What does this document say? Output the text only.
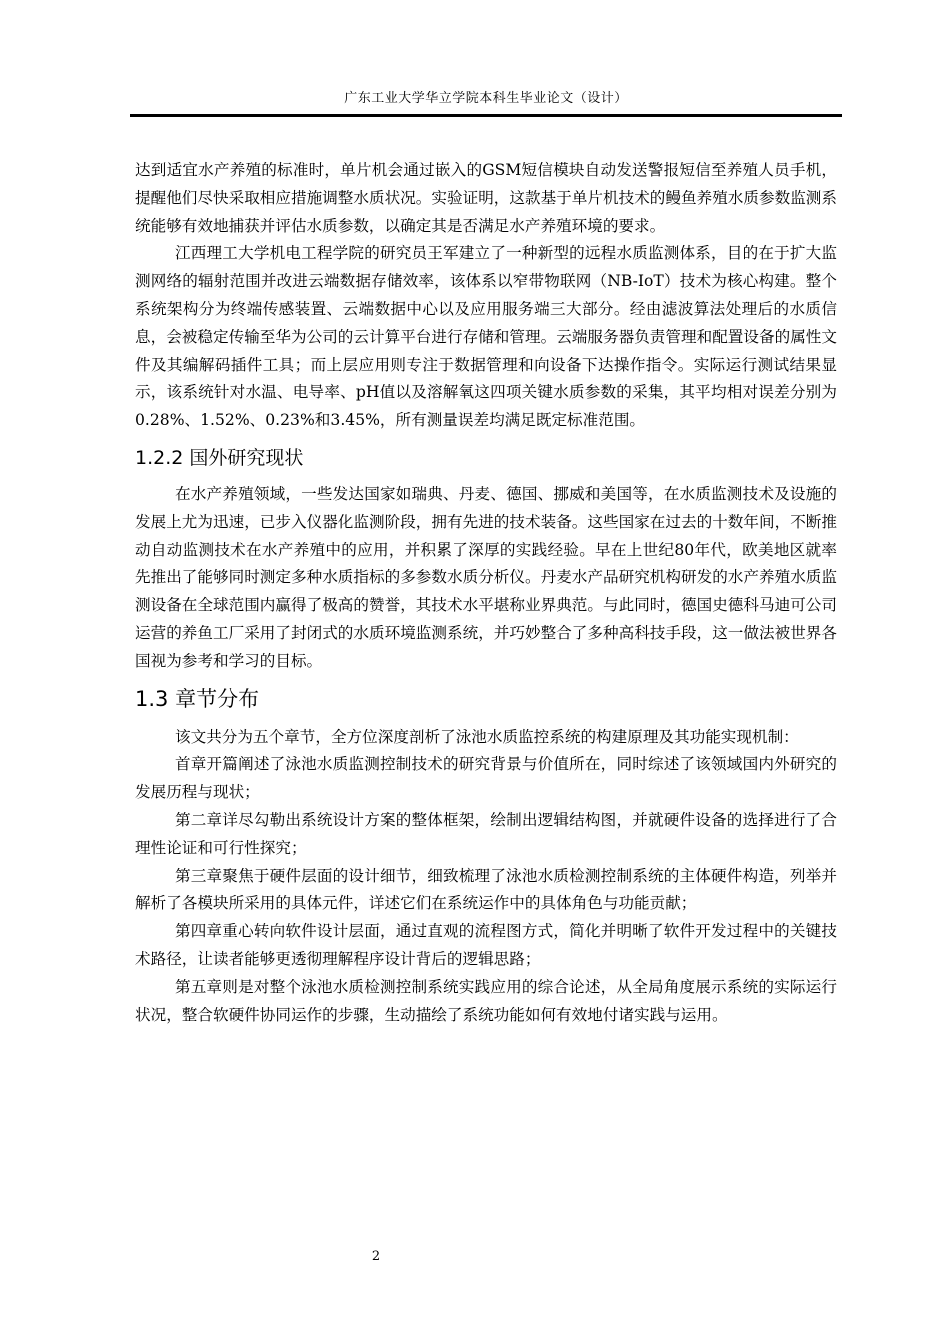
广东工业大学华立学院本科生毕业论文（设计）

达到适宜水产养殖的标准时，单片机会通过嵌入的GSM短信模块自动发送警报短信至养殖人员手机，提醒他们尽快采取相应措施调整水质状况。实验证明，这款基于单片机技术的鳗鱼养殖水质参数监测系统能够有效地捕获并评估水质参数，以确定其是否满足水产养殖环境的要求。

江西理工大学机电工程学院的研究员王军建立了一种新型的远程水质监测体系，目的在于扩大监测网络的辐射范围并改进云端数据存储效率，该体系以窄带物联网（NB-IoT）技术为核心构建。整个系统架构分为终端传感装置、云端数据中心以及应用服务端三大部分。经由滤波算法处理后的水质信息，会被稳定传输至华为公司的云计算平台进行存储和管理。云端服务器负责管理和配置设备的属性文件及其编解码插件工具；而上层应用则专注于数据管理和向设备下达操作指令。实际运行测试结果显示，该系统针对水温、电导率、pH值以及溶解氧这四项关键水质参数的采集，其平均相对误差分别为0.28%、1.52%、0.23%和3.45%，所有测量误差均满足既定标准范围。

1.2.2 国外研究现状

在水产养殖领域，一些发达国家如瑞典、丹麦、德国、挪威和美国等，在水质监测技术及设施的发展上尤为迅速，已步入仪器化监测阶段，拥有先进的技术装备。这些国家在过去的十数年间，不断推动自动监测技术在水产养殖中的应用，并积累了深厚的实践经验。早在上世纪80年代，欧美地区就率先推出了能够同时测定多种水质指标的多参数水质分析仪。丹麦水产品研究机构研发的水产养殖水质监测设备在全球范围内赢得了极高的赞誉，其技术水平堪称业界典范。与此同时，德国史德科马迪可公司运营的养鱼工厂采用了封闭式的水质环境监测系统，并巧妙整合了多种高科技手段，这一做法被世界各国视为参考和学习的目标。

1.3 章节分布

该文共分为五个章节，全方位深度剖析了泳池水质监控系统的构建原理及其功能实现机制：

首章开篇阐述了泳池水质监测控制技术的研究背景与价值所在，同时综述了该领域国内外研究的发展历程与现状；

第二章详尽勾勒出系统设计方案的整体框架，绘制出逻辑结构图，并就硬件设备的选择进行了合理性论证和可行性探究；

第三章聚焦于硬件层面的设计细节，细致梳理了泳池水质检测控制系统的主体硬件构造，列举并解析了各模块所采用的具体元件，详述它们在系统运作中的具体角色与功能贡献；

第四章重心转向软件设计层面，通过直观的流程图方式，简化并明晰了软件开发过程中的关键技术路径，让读者能够更透彻理解程序设计背后的逻辑思路；

第五章则是对整个泳池水质检测控制系统实践应用的综合论述，从全局角度展示系统的实际运行状况，整合软硬件协同运作的步骤，生动描绘了系统功能如何有效地付诸实践与运用。

2
